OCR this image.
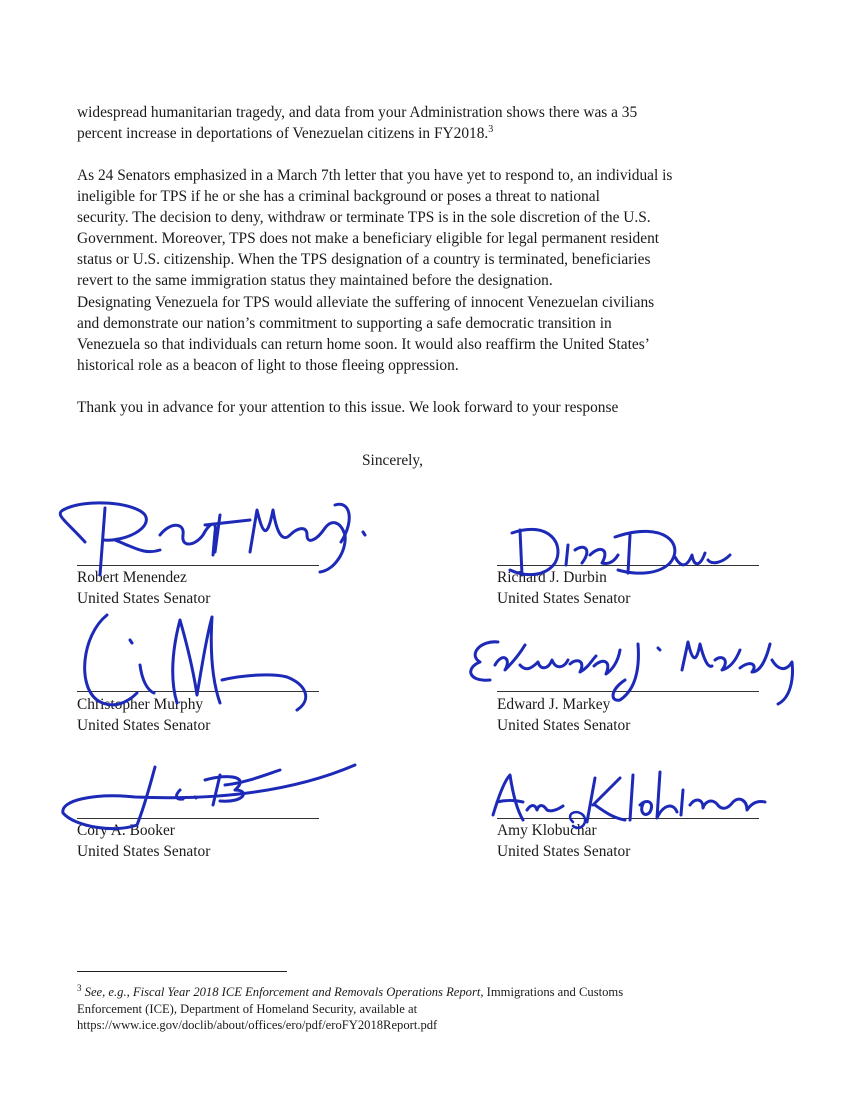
widespread humanitarian tragedy, and data from your Administration shows there was a 35
percent increase in deportations of Venezuelan citizens in FY2018.$^3$

As 24 Senators emphasized in a March 7th letter that you have yet to respond to, an individual is
ineligible for TPS if he or she has a criminal background or poses a threat to national
security. The decision to deny, withdraw or terminate TPS is in the sole discretion of the U.S.
Government. Moreover, TPS does not make a beneficiary eligible for legal permanent resident
status or U.S. citizenship. When the TPS designation of a country is terminated, beneficiaries
revert to the same immigration status they maintained before the designation.

Designating Venezuela for TPS would alleviate the suffering of innocent Venezuelan civilians
and demonstrate our nation’s commitment to supporting a safe democratic transition in
Venezuela so that individuals can return home soon. It would also reaffirm the United States’
historical role as a beacon of light to those fleeing oppression.

Thank you in advance for your attention to this issue. We look forward to your response

Sincerely,
Robert Menendez
United States Senator
Richard J. Durbin
United States Senator
Christopher Murphy
United States Senator
Edward J. Markey
United States Senator
Cory A. Booker
United States Senator
Amy Klobuchar
United States Senator
$^3$ See, e.g., Fiscal Year 2018 ICE Enforcement and Removals Operations Report, Immigrations and Customs
Enforcement (ICE), Department of Homeland Security, available at
https://www.ice.gov/doclib/about/offices/ero/pdf/eroFY2018Report.pdf
